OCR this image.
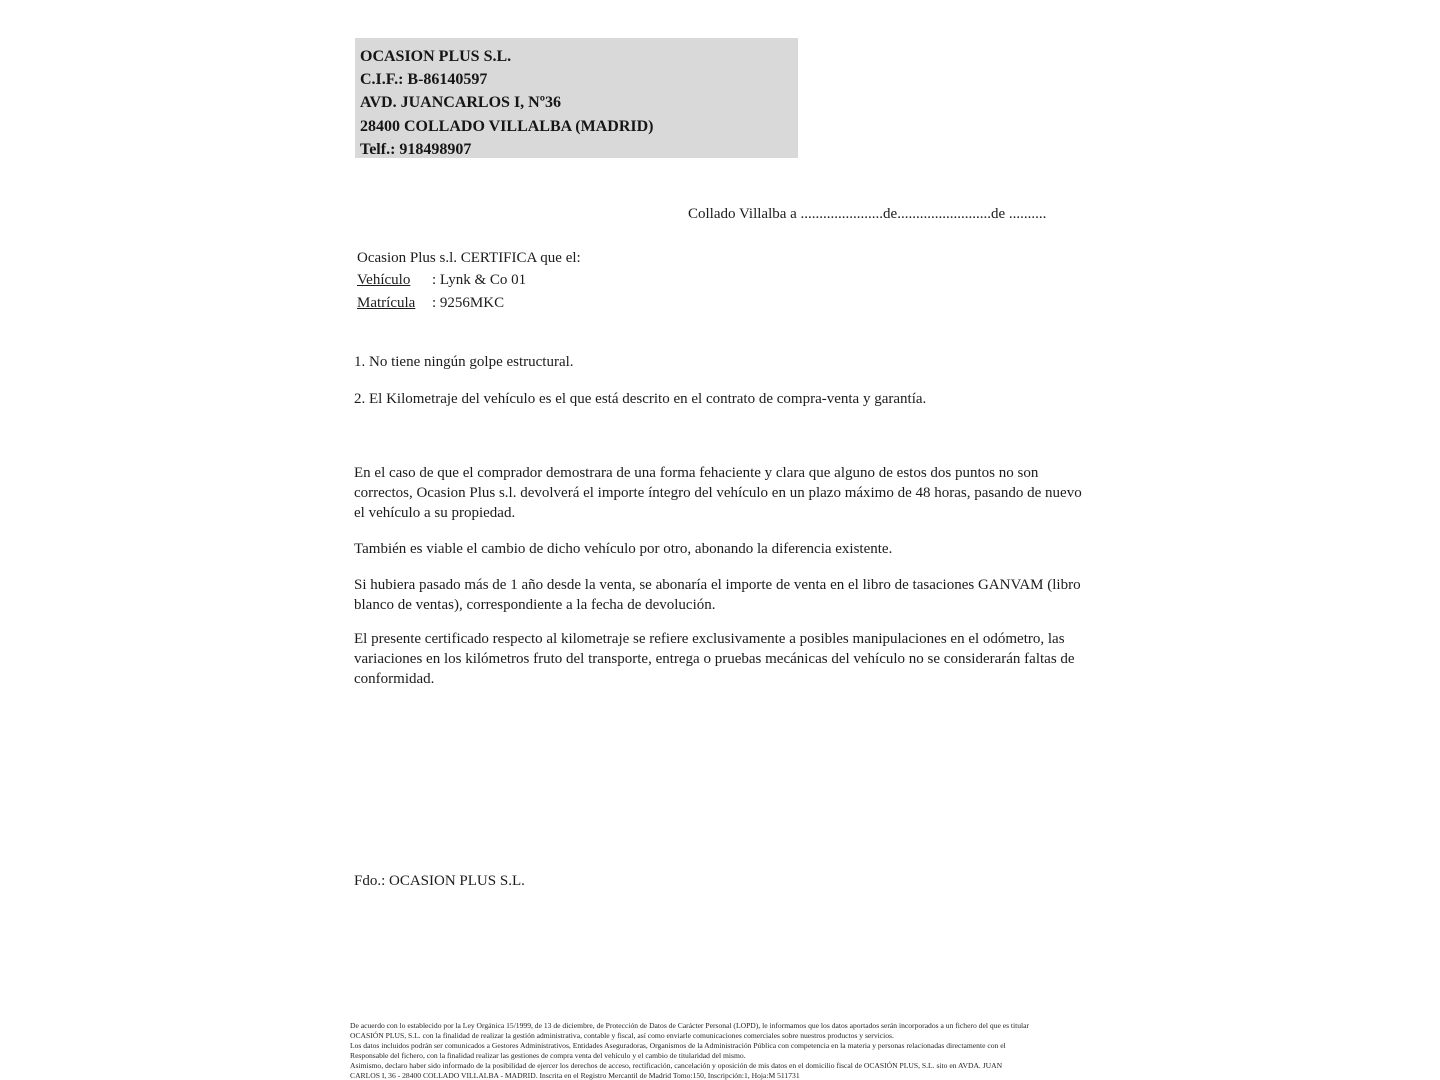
OCASION PLUS S.L.
C.I.F.: B-86140597
AVD. JUANCARLOS I, Nº36
28400 COLLADO VILLALBA (MADRID)
Telf.: 918498907
Collado Villalba a ......................de.........................de ..........
Ocasion Plus s.l. CERTIFICA que el:
Vehículo : Lynk & Co 01
Matrícula : 9256MKC
1. No tiene ningún golpe estructural.
2. El Kilometraje del vehículo es el que está descrito en el contrato de compra-venta y garantía.
En el caso de que el comprador demostrara de una forma fehaciente y clara que alguno de estos dos puntos no son correctos, Ocasion Plus s.l. devolverá el importe íntegro del vehículo en un plazo máximo de 48 horas, pasando de nuevo el vehículo a su propiedad.
También es viable el cambio de dicho vehículo por otro, abonando la diferencia existente.
Si hubiera pasado más de 1 año desde la venta, se abonaría el importe de venta en el libro de tasaciones GANVAM (libro blanco de ventas), correspondiente a la fecha de devolución.
El presente certificado respecto al kilometraje se refiere exclusivamente a posibles manipulaciones en el odómetro, las variaciones en los kilómetros fruto del transporte, entrega o pruebas mecánicas del vehículo no se considerarán faltas de conformidad.
Fdo.: OCASION PLUS S.L.
De acuerdo con lo establecido por la Ley Orgánica 15/1999, de 13 de diciembre, de Protección de Datos de Carácter Personal (LOPD), le informamos que los datos aportados serán incorporados a un fichero del que es titular
OCASIÓN PLUS, S.L. con la finalidad de realizar la gestión administrativa, contable y fiscal, así como enviarle comunicaciones comerciales sobre nuestros productos y servicios.
Los datos incluidos podrán ser comunicados a Gestores Administrativos, Entidades Aseguradoras, Organismos de la Administración Pública con competencia en la materia y personas relacionadas directamente con el
Responsable del fichero, con la finalidad realizar las gestiones de compra venta del vehículo y el cambio de titularidad del mismo.
Asimismo, declaro haber sido informado de la posibilidad de ejercer los derechos de acceso, rectificación, cancelación y oposición de mis datos en el domicilio fiscal de OCASIÓN PLUS, S.L. sito en AVDA. JUAN
CARLOS I, 36 - 28400 COLLADO VILLALBA - MADRID. Inscrita en el Registro Mercantil de Madrid Tomo:150, Inscripción:1, Hoja:M 511731
